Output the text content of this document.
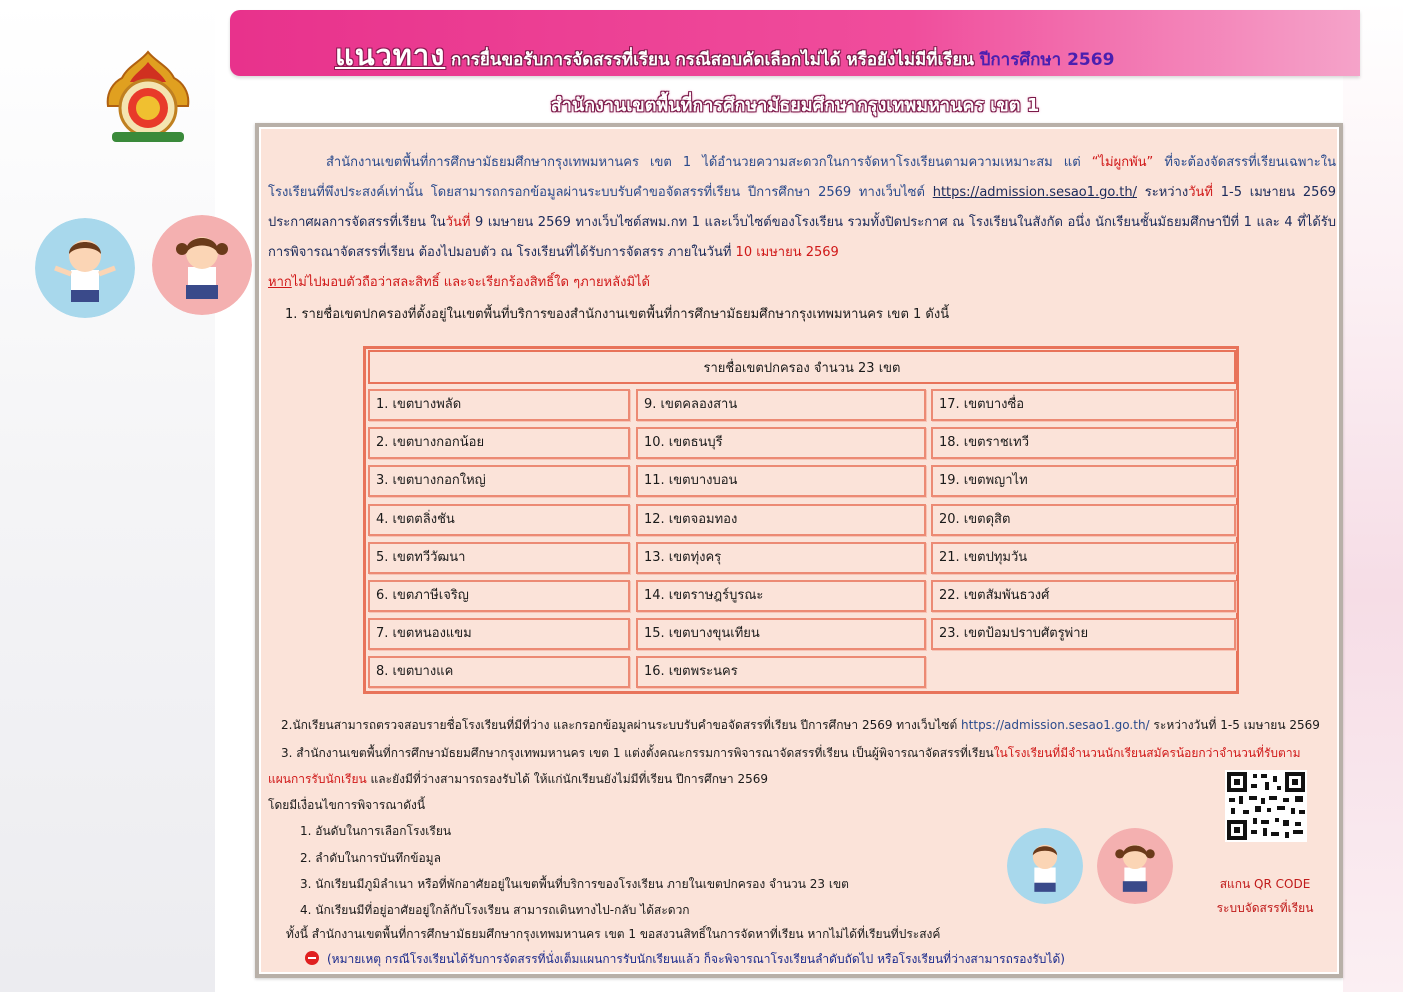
แนวทาง การยื่นขอรับการจัดสรรที่เรียน กรณีสอบคัดเลือกไม่ได้ หรือยังไม่มีที่เรียน ปีการศึกษา 2569
สำนักงานเขตพื้นที่การศึกษามัธยมศึกษากรุงเทพมหานคร เขต 1
สำนักงานเขตพื้นที่การศึกษามัธยมศึกษากรุงเทพมหานคร เขต 1 ได้อำนวยความสะดวกในการจัดหาโรงเรียนตามความเหมาะสม แต่ “ไม่ผูกพัน” ที่จะต้องจัดสรรที่เรียนเฉพาะในโรงเรียนที่พึงประสงค์เท่านั้น โดยสามารถกรอกข้อมูลผ่านระบบรับคำขอจัดสรรที่เรียน ปีการศึกษา 2569 ทางเว็บไซต์ https://admission.sesao1.go.th/ ระหว่างวันที่ 1-5 เมษายน 2569 ประกาศผลการจัดสรรที่เรียน ในวันที่ 9 เมษายน 2569 ทางเว็บไซต์สพม.กท 1 และเว็บไซต์ของโรงเรียน รวมทั้งปิดประกาศ ณ โรงเรียนในสังกัด อนึ่ง นักเรียนชั้นมัธยมศึกษาปีที่ 1 และ 4 ที่ได้รับการพิจารณาจัดสรรที่เรียน ต้องไปมอบตัว ณ โรงเรียนที่ได้รับการจัดสรร ภายในวันที่ 10 เมษายน 2569
หากไม่ไปมอบตัวถือว่าสละสิทธิ์ และจะเรียกร้องสิทธิ์ใด ๆภายหลังมิได้
1. รายชื่อเขตปกครองที่ตั้งอยู่ในเขตพื้นที่บริการของสำนักงานเขตพื้นที่การศึกษามัธยมศึกษากรุงเทพมหานคร เขต 1 ดังนี้
รายชื่อเขตปกครอง จำนวน 23 เขต
1. เขตบางพลัด
2. เขตบางกอกน้อย
3. เขตบางกอกใหญ่
4. เขตตลิ่งชัน
5. เขตทวีวัฒนา
6. เขตภาษีเจริญ
7. เขตหนองแขม
8. เขตบางแค
9. เขตคลองสาน
10. เขตธนบุรี
11. เขตบางบอน
12. เขตจอมทอง
13. เขตทุ่งครุ
14. เขตราษฎร์บูรณะ
15. เขตบางขุนเทียน
16. เขตพระนคร
17. เขตบางซื่อ
18. เขตราชเทวี
19. เขตพญาไท
20. เขตดุสิต
21. เขตปทุมวัน
22. เขตสัมพันธวงศ์
23. เขตป้อมปราบศัตรูพ่าย
2.นักเรียนสามารถตรวจสอบรายชื่อโรงเรียนที่มีที่ว่าง และกรอกข้อมูลผ่านระบบรับคำขอจัดสรรที่เรียน ปีการศึกษา 2569 ทางเว็บไซต์ https://admission.sesao1.go.th/ ระหว่างวันที่ 1-5 เมษายน 2569
3. สำนักงานเขตพื้นที่การศึกษามัธยมศึกษากรุงเทพมหานคร เขต 1 แต่งตั้งคณะกรรมการพิจารณาจัดสรรที่เรียน เป็นผู้พิจารณาจัดสรรที่เรียนในโรงเรียนที่มีจำนวนนักเรียนสมัครน้อยกว่าจำนวนที่รับตามแผนการรับนักเรียน และยังมีที่ว่างสามารถรองรับได้ ให้แก่นักเรียนยังไม่มีที่เรียน ปีการศึกษา 2569
โดยมีเงื่อนไขการพิจารณาดังนี้
1. อันดับในการเลือกโรงเรียน
2. ลำดับในการบันทึกข้อมูล
3. นักเรียนมีภูมิลำเนา หรือที่พักอาศัยอยู่ในเขตพื้นที่บริการของโรงเรียน ภายในเขตปกครอง จำนวน 23 เขต
4. นักเรียนมีที่อยู่อาศัยอยู่ใกล้กับโรงเรียน สามารถเดินทางไป-กลับ ได้สะดวก
ทั้งนี้ สำนักงานเขตพื้นที่การศึกษามัธยมศึกษากรุงเทพมหานคร เขต 1 ขอสงวนสิทธิ์ในการจัดหาที่เรียน หากไม่ได้ที่เรียนที่ประสงค์
(หมายเหตุ กรณีโรงเรียนได้รับการจัดสรรที่นั่งเต็มแผนการรับนักเรียนแล้ว ก็จะพิจารณาโรงเรียนลำดับถัดไป หรือโรงเรียนที่ว่างสามารถรองรับได้)
สแกน QR CODE
ระบบจัดสรรที่เรียน
